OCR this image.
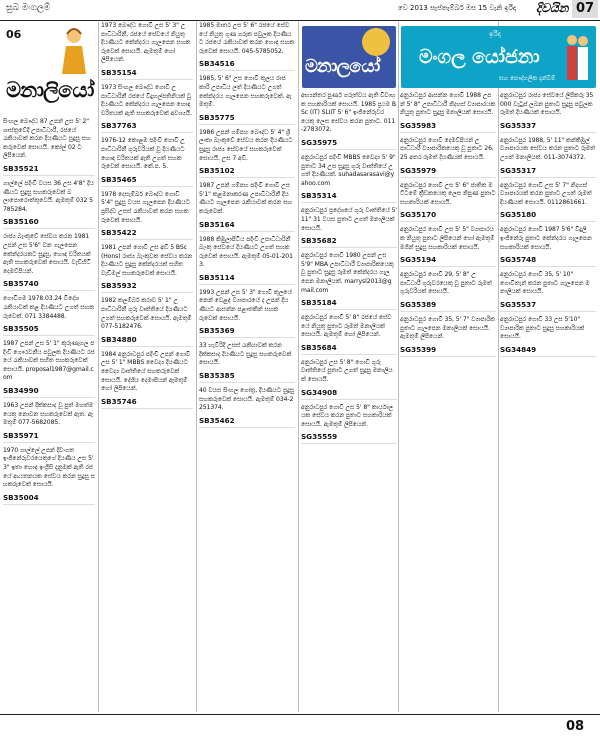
සුබ මංගලම්	වෙ 2013 සැප්තැම්බර් මස 15 වැනි ඉරිදා දිවයින 07
06
මනාලියෝ
මනාලයෝ
ඉරිදා
මංගල යෝජනා
සහ පෞද්ගලික දැන්වීම්

සිංහල බෞද්ධ 87 උපන් උස 5' 2" ශාස්ත්‍රවේදී උපාධිධාරී, රජයේ රැකියාවක් කරන දියණියට සුදුසු සහකරුවෙක් සොයයි. කෝල් 02 ට ලිපියෙන්.

SB35521

ගාල්ලේ පදිංචි වයස 36 උස 4'8" දියණියට සුදුසු සහකරුවෙක් බලාපොරොත්තුවෙයි. ඇමතුම් 032 5785284.

SB35160

රාජ්‍ය බැංකුවේ සේවය කරන 1981 උපන් උස 5'6" වන ගැලපෙන කේන්දරයකට සුදුසු, හොඳ චරිතයක් ඇති සහකරුවෙක් සොයයි. වැඩිහිටි දෙමව්පියන්.

SB35740

ගොවිගම 1978.03.24 විදේශ රැකියාවක් කළ දියණියට උගත් සහකරුවෙක්. 071 3384488.

SB35505

1987 උපන් උස 5' 1" කුරුණෑගල පදිංචි ගෞරවනීය පවුලක දියණියට රජයේ රැකියාවක් සහිත සහකරුවෙක් සොයයි. proposal1987@gmail.com

SB34990

1963 උපන් දික්කසාද වූ පුත් මහත්මයෙකු නොවන සහකරුවෙක් ඇත. ඇමතුම් 077-5682085.

SB35971

1970 ගාල්ලේ උපන් දිවංගත ඉංජිනේරුවරයෙකුගේ දියණිය උස 5' 3" ඉතා හොඳ ඉංග්‍රීසි දැනුමක් ඇති රජයේ ආයතනයක සේවය කරන සුදුසු සහකරුවෙක් සොයයි.

SB35004

1973 බෞද්ධ ගොවි උස 5' 3" උපාධිධාරිනී, රජයේ සේවයේ නියුතු දියණියට කේන්දරය ගැලපෙන සහකරුවෙක් සොයයි. ඇමතුම් හෝ ලිපියෙන්.

SB35154

1973 සිංහල බෞද්ධ ගොවි උපාධිධාරිනී රජයේ විදුහල්පතිනියක් වූ දියණියට කේන්දරය ගැලපෙන හොඳ චරිතයක් ඇති සහකරුවෙක් අවශ්‍යයි.

SB37763

1976-12 කොළඹ පදිංචි ගොවි උපාධිධාරිනී ගුරුවරියක් වූ දියණියට හොඳ චරිතයක් ඇති උගත් සහකරුවෙක් සොයයි. කේ.ප. 5.

SB35465

1978 දෙසැම්බර් බෞද්ධ ගොවි 5'4" සුදුසු වයස ගැලපෙන දියණියට ප්‍රසිද්ධ උසස් රැකියාවක් කරන සහකරුවෙක් සොයයි.

SB35422

1981 උපන් ගොවි උස අඩි 5 BSc (Hons) රාජ්‍ය බැංකුවක සේවය කරන දියණියට සුදුසු කේන්දරයක් සහිත වැඩිමල් සහකරුවෙක් සොයයි.

SB35932

1982 කලම්බර් කරාව 5' 1" උපාධිධාරිනී ගුරු වෘත්තියේ දියණියට උගත් සහකරුවෙක් සොයයි. ඇමතුම් 077-5182476.

SB34880

1984 අනුරාධපුර පදිංචි උපන් ගොවි උස 5' 1" MBBS වෛද්‍ය දියණියට වෛද්‍ය වෘත්තියේ සහකරුවෙක් සොයයි. දේශීය දෙමාපියන් ඇමතුම් හෝ ලිපියෙන්.

SB35746

1985 මාතර උස 5' 6" රජයේ සේවයේ නියුතු ගුණ ගරුක පවුලක දියණියට රජයේ රැකියාවක් කරන හොඳ සහකරුවෙක් සොයයි. 045-5785052.

SB34516

1985, 5' 6" උස ගොවි කුලය රාජකාරි උපාධිය ලත් දියණියට උගත් කේන්දරය ගැලපෙන සහකරුවෙක්. ඇමතුම්.

SB35775

1986 උපන් ගම්පහ බෞද්ධ 5' 4" ශ්‍රී ලංකා බැංකුවේ සේවය කරන දියණියට සුදුසු රාජ්‍ය සේවයේ සහකරුවෙක් සොයයි. උස 7 අඩි.

SB35102

1987 උපන් ගම්පහ පදිංචි ගොවි උස 5'1" කළමනාකරණ උපාධිධාරිනී දියණියට ගැලපෙන රැකියාවක් කරන සහකරුවෙක්.

SB35164

1988 කිඹුලාපිටිය පදිංචි උපාධිධාරිනී බැංකු සේවයේ දියණියට උගත් සහකරුවෙක් සොයයි. ඇමතුම් 05-01-2013.

SB35114

1993 උපන් උස 5' 3" ගොවි කුලයේ නෙන් වෙළඳ ව්‍යාපාරයේ ද උපන් දියණියට ආසන්න පළාතකින් සහකරුවෙක් සොයයි.

SB35369

33 හැවිරිදි උසස් රැකියාවක් කරන දික්කසාද දියණියට සුදුසු සහකරුවෙක් සොයයි.

SB35385

40 වයස සිංහල ගෝත්‍ර, දියණියට සුදුසු සහකරුවෙක් සොයයි. ඇමතුම් 034-2251374.

SB35462

අභ්‍යන්තර පුර්ණ ගරුත්වය ඇති විවාහක සහකාරියක් සොයයි. 1985 ප්‍රථම BSc (IT) SLIIT 5' 6" ඉංජිනේරුවරයෙකු ලෙස සේවය කරන පුතාට. 011-2783072.

SG35975

අනුරාධපුර පදිංචි MBBS වෛද්‍ය 5' 9" පුතාට 34 උස සුදුසු ගුරු වෘත්තියේ උගත් දියණියක්. suhadasarasavi@yahoo.com

SB35314

අනුරාධපුර ප්‍රදේශයේ ගුරු වෘත්තියේ 5' 11" 31 වයස පුතාට උගත් මනාලියක් සොයයි.

SB35682

අනුරාධපුර ගොවි 1980 උපන් උස 5'9" MBA උපාධිධාරී ව්‍යාපාරිකයෙකු වූ පුතාට සුදුසු රූමත් කේන්දරය ගැලපෙන මනාලියක්. marrysl2013@gmail.com

SB35184

අනුරාධපුර ගොවි 5' 8" රජයේ සේවයේ නියුතු පුතාට රූමත් මනාලියක් සොයයි. ඇමතුම් හෝ ලිපියෙන්.

SB35684

අනුරාධපුර උස 5' 8" ගොවි ගුරු වෘත්තියේ පුතාට උගත් සුදුසු මනාලියක් සොයයි.

SG34908

අනුරාධපුර ගොවි උස 5' 8" කාර්යාලයක සේවය කරන පුතාට සහකාරියක් සොයයි. ඇමතුම් ලිපියෙන්.

SG35559

අනුරාධපුර ආසන්න ගොවි 1988 උපන් 5' 8" උපාධිධාරී නිදහස් ව්‍යාපාරයක නියුතු පුතාට සුදුසු මනාලියක් සොයයි.

SG35983

අනුරාධපුර ගොවි දෙමව්පියන් උපාධිධාරී ව්‍යාපාරිකයෙකු වූ පුතාට 26, 25 අතර රූමත් දියණියක් සොයයි.

SG35979

අනුරාධපුර ගොවි උස 5' 6" ජාතික මට්ටමේ ක්‍රීඩකයෙකු ලෙස නිපුණ පුතාට සහකාරියක් සොයයි.

SG35170

අනුරාධපුර ගොවි උස 5' 5" ව්‍යාපාරයක නියුතු පුතාට ලිපියෙන් හෝ ඇමතුම් මගින් සුදුසු සහකාරියක් සොයයි.

SG35194

අනුරාධපුර ගොවි 29, 5' 8" උපාධිධාරී ගුරුවරයෙකු වූ පුතාට රූමත් ගුරුවරියක් සොයයි.

SG35389

අනුරාධපුර ගොවි 35, 5' 7" ව්‍යාපාරික පුතාට ගැලපෙන මනාලියක් සොයයි. ඇමතුම් ලිපියෙන්.

SG35399

අනුරාධපුර රාජ්‍ය සේවයේ ලිපිකරු 35000 වැටුප් ලබන පුතාට සුදුසු පවුලක රූමත් දියණියක් සොයයි.

SG35337

අනුරාධපුර 1988, 5' 11" කන්කිඹුල් ව්‍යාපාරයක සේවය කරන පුතාට රූමත් උගත් මනාලියක්. 011-3074372.

SG35317

අනුරාධපුර ගොවි උස 5' 7" නිදහස් ව්‍යාපාරයක් කරන පුතාට උගත් රූමත් දියණියක් සොයයි. 0112861661.

SG35180

අනුරාධපුර ගොවි 1987 5'6" විදුලි ඉංජිනේරු පුතාට කේන්දරය ගැලපෙන සහකාරියක් සොයයි.

SG35748

අනුරාධපුර ගොවි 35, 5' 10" ගොවිතැන් කරන පුතාට ගැලපෙන මනාලියක් සොයයි.

SG35537

අනුරාධපුර ගොවි 33 උස 5'10" ව්‍යාපාරික පුතාට සුදුසු සහකාරියක් සොයයි.

SG34849
08
